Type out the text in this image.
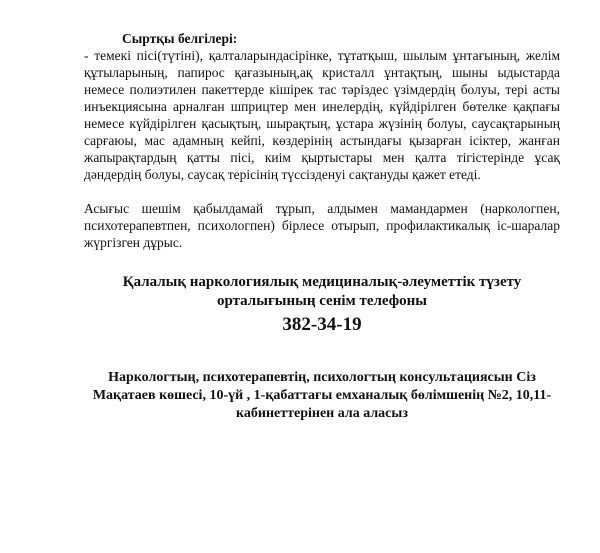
Сыртқы белгілері:

- темекі пісі(түтіні), қалталарындасірінке, тұтатқыш, шылым ұнтағының, желім құтыларының, папирос қағазының,ақ кристалл ұнтақтың, шыны ыдыстарда немесе полиэтилен пакеттерде кішірек тас тәріздес үзімдердің болуы, тері асты инъекциясына арналған шприцтер мен инелердің, күйдірілген бөтелке қақпағы немесе күйдірілген қасықтың, шырақтың, ұстара жүзінің болуы, саусақтарының сарғаюы, мас адамның кейпі, көздерінің астындағы қызарған ісіктер, жанған жапырақтардың қатты пісі, киім қыртыстары мен қалта тігістерінде ұсақ дәндердің болуы, саусақ терісінің түссізденуі сақтануды қажет етеді.

Асығыс шешім қабылдамай тұрып, алдымен мамандармен (наркологпен, психотерапевтпен, психологпен) бірлесе отырып, профилактикалық іс-шаралар жүргізген дұрыс.

Қалалық наркологиялық медициналық-әлеуметтік түзету орталығының сенім телефоны
382-34-19
Наркологтың, психотерапевтің, психологтың консультациясын Сіз Мақатаев көшесі, 10-үй , 1-қабаттағы емханалық бөлімшенің №2, 10,11-кабинеттерінен ала аласыз
